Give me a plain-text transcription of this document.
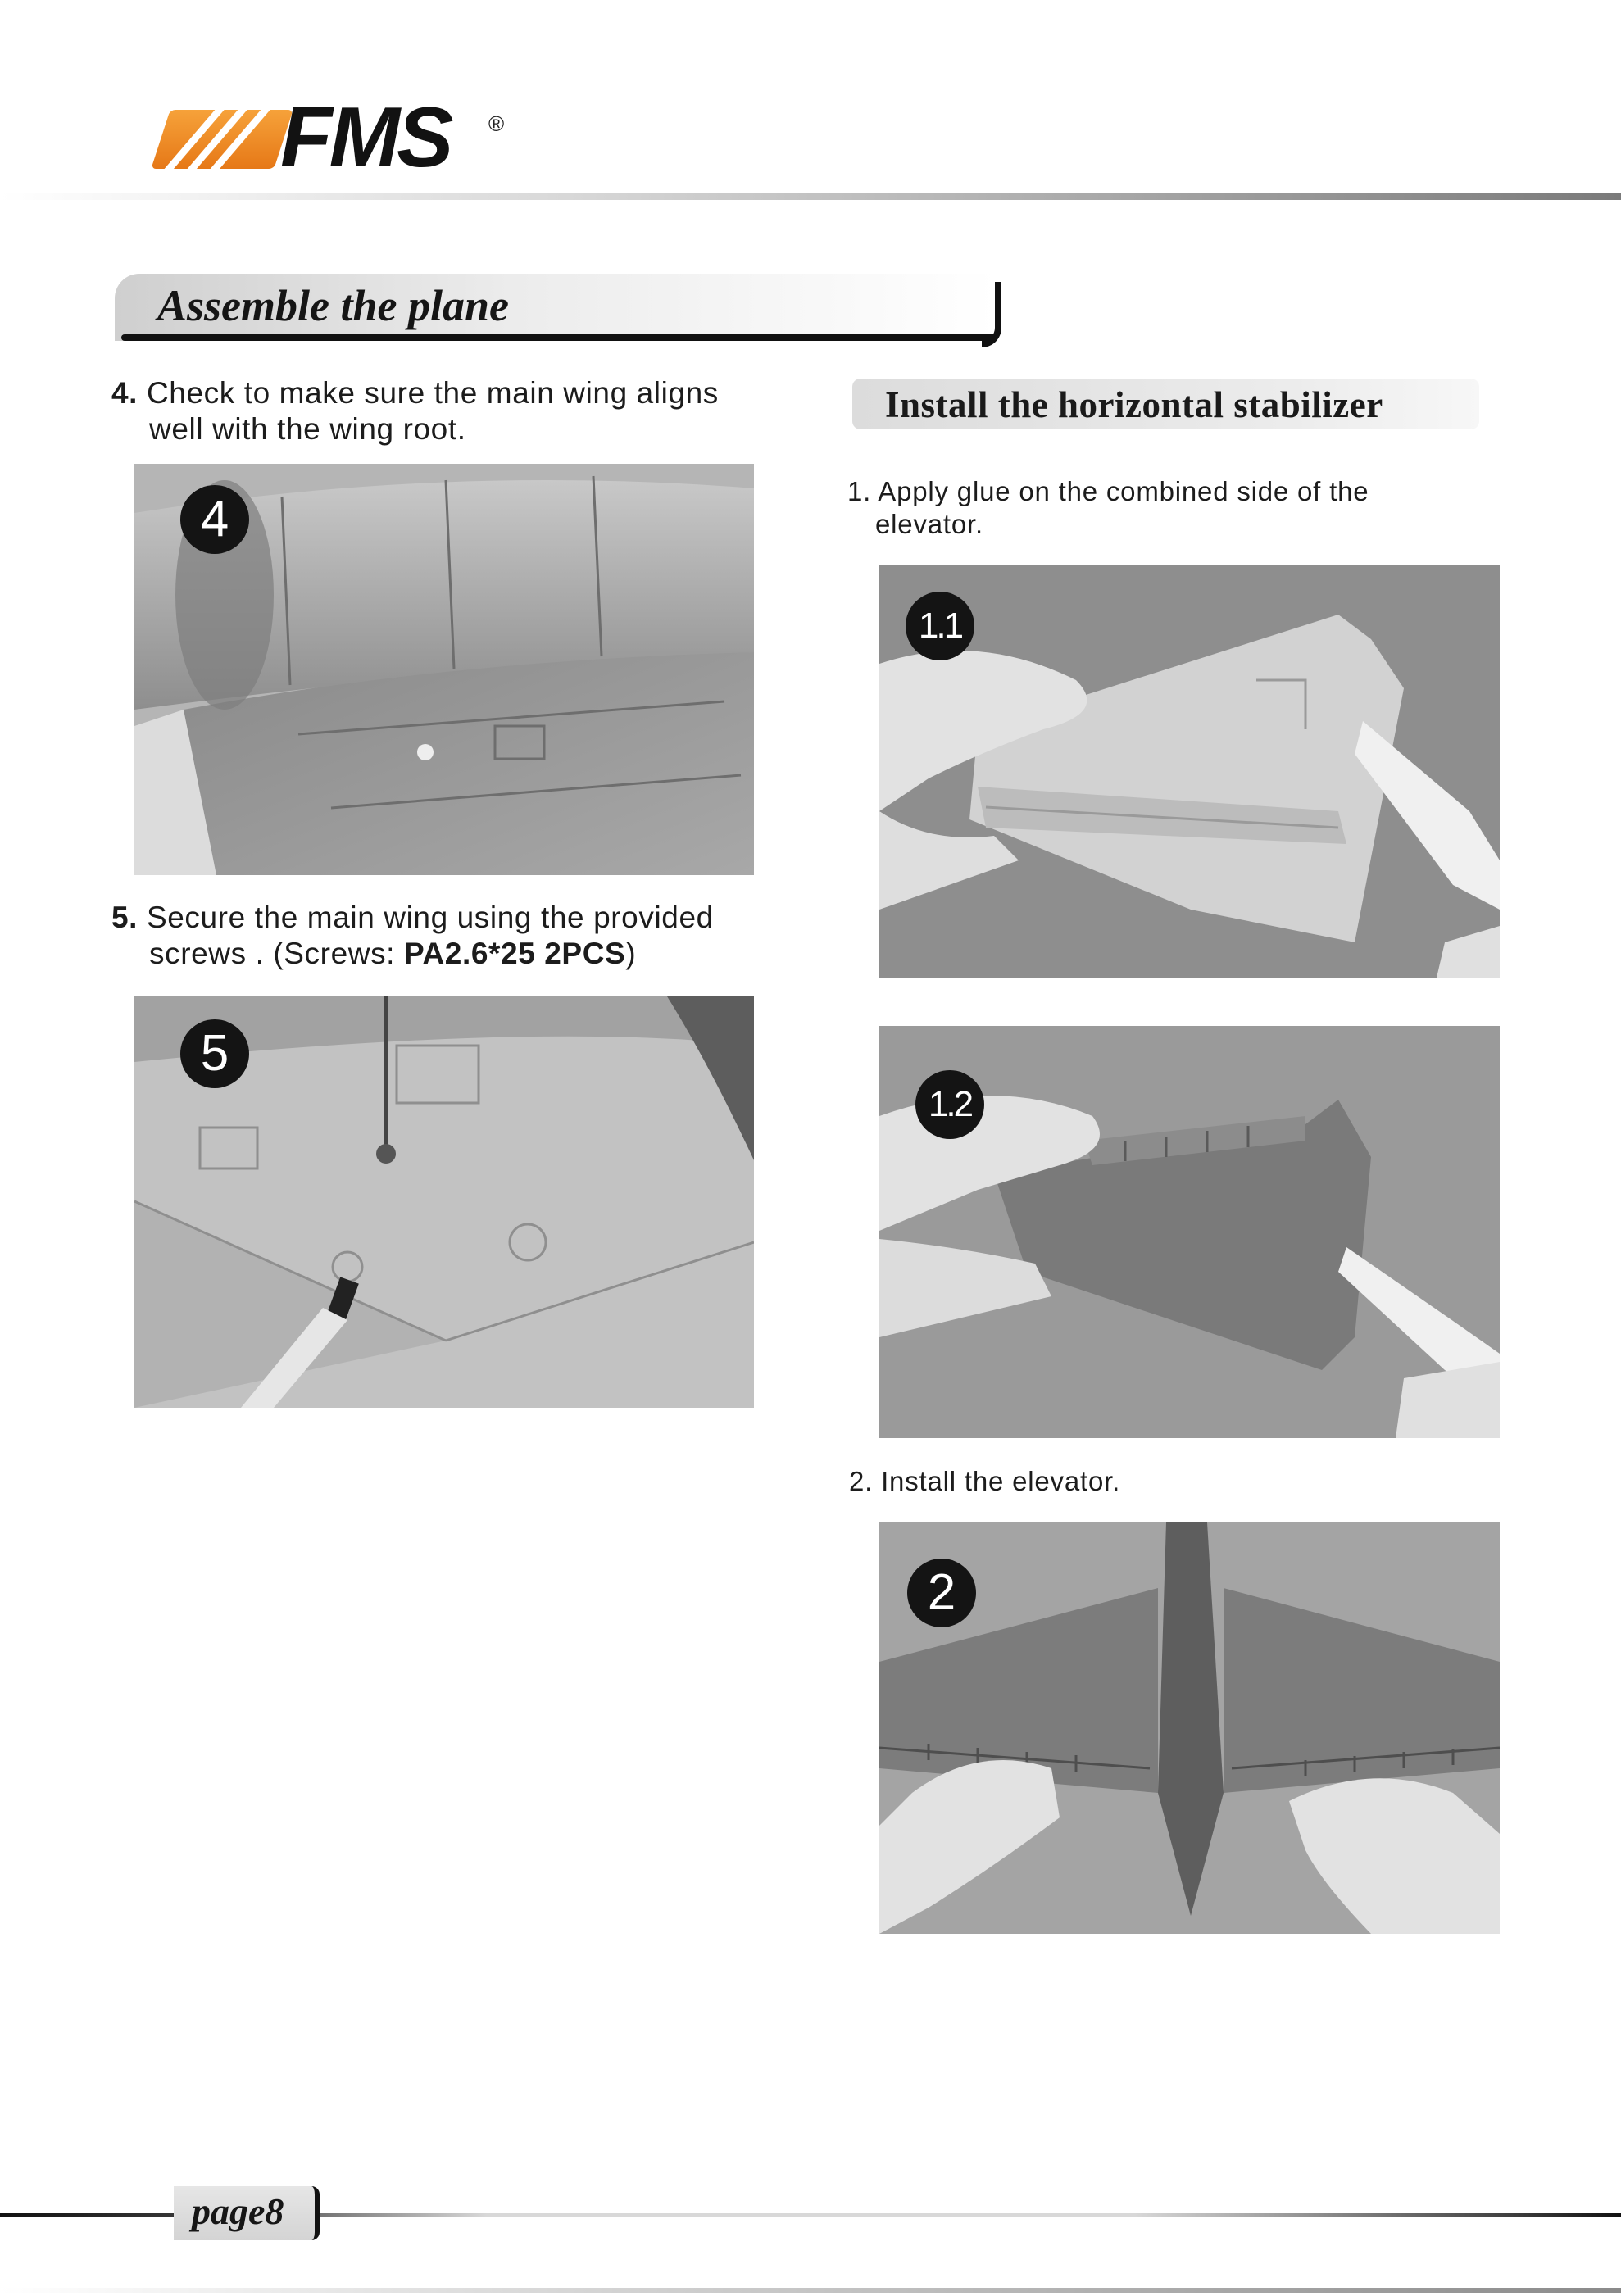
FMS ®
Assemble the plane
4. Check to make sure the main wing aligns
well with the wing root.
4
5. Secure the main wing using the provided
screws . (Screws: PA2.6*25 2PCS)
5
Install the horizontal stabilizer
1. Apply glue on the combined side of the
elevator.
1.1
1.2
2. Install the elevator.
2
page8
